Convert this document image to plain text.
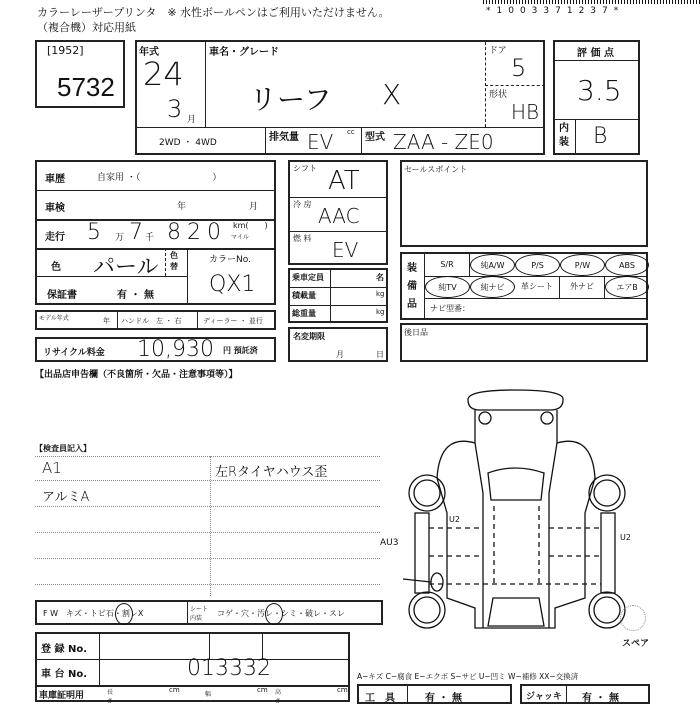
カラーレーザープリンタ　※ 水性ボールペンはご利用いただけません。
（複合機）対応用紙
*1003371237*
[1952]
5732
年式
24
3 月
車名・グレード
リーフ X
ドア
5
形状
HB
2WD ・ 4WD	排気量 EV cc 型式 ZAA - ZE0
評 価 点
3.5
内装 B
車歴	自家用 ・（　　　　　　　　）
車検	年	月
走行 5 万 7 千 820 km(　　)
マイル
色 パール 色替
カラーNo.
QX1
保証書	有 ・ 無
モデル年式	年 ハンドル　左 ・ 右	ディーラー ・ 並行
リサイクル料金 10,930 円 預託済
【出品店申告欄（不良箇所・欠品・注意事項等）】
シフト AT
冷 房 AAC
燃 料 EV
乗車定員	名
積載量	kg
総重量	kg
名変期限
月	日
セールスポイント
装備品
S/R	純A/W	P/S	P/W	ABS
純TV	純ナビ	革シート	外ナビ	エアB
ナビ型番：
後日品
【検査員記入】
A1
アルミA
左Rタイヤハウス歪
U2
U2
AU3
スペア
F W　キズ・トビ石・割レX	シート内装
コゲ・穴・汚レ・シミ・破レ・スレ
登 録 No.
車 台 No.	013332
車庫証明用	長さ
cm
幅
cm 高さ
cm
A−キズ C−腐食 E−エクボ S−サビ U−凹ミ W−補修 XX−交換済
工　具	有 ・ 無	ジャッキ 有 ・ 無
